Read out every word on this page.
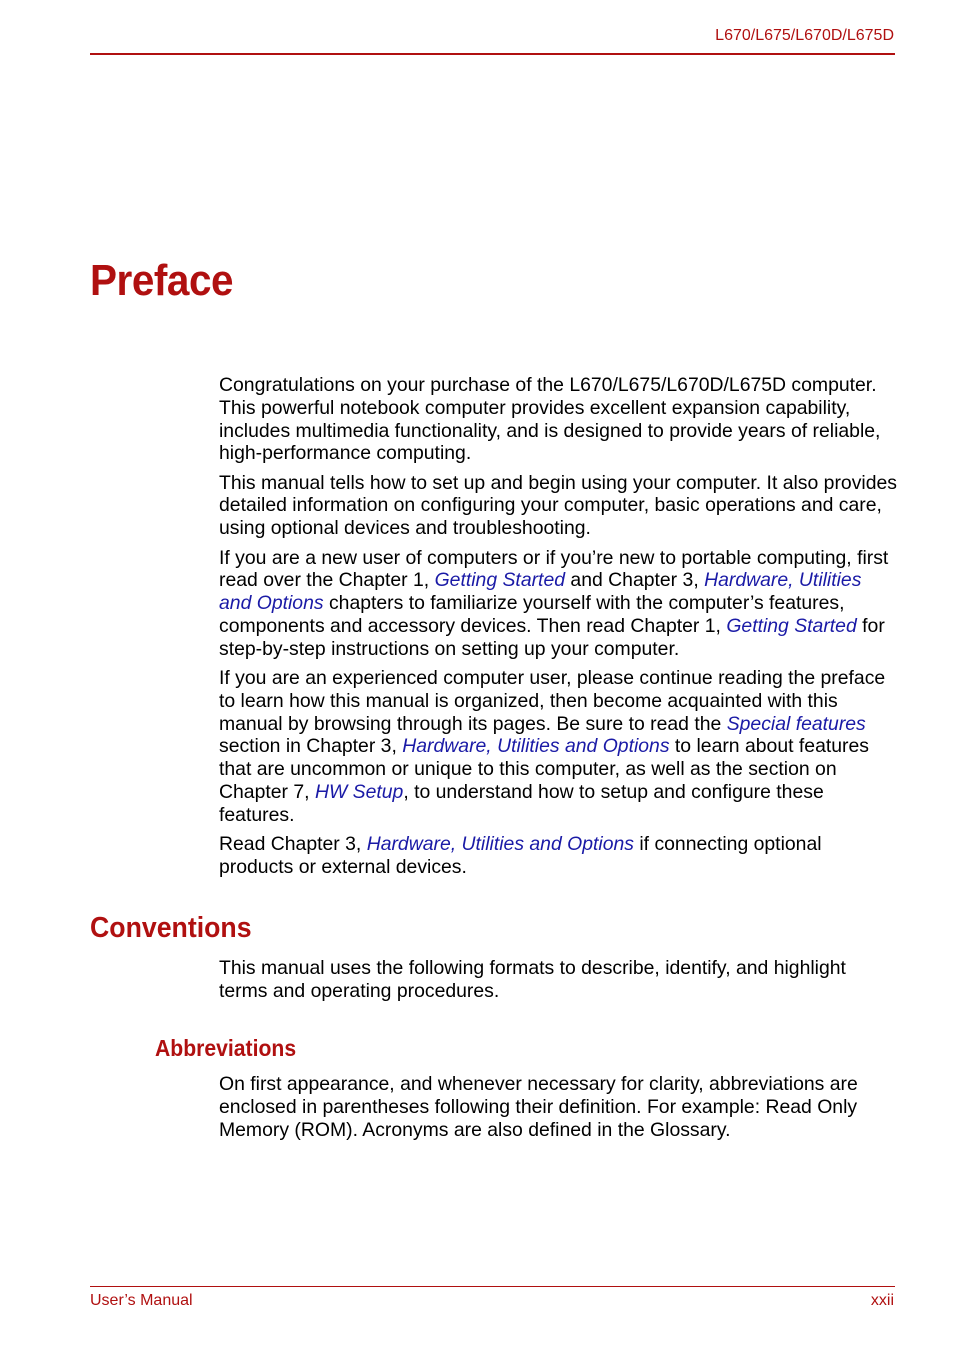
L670/L675/L670D/L675D
Preface

Congratulations on your purchase of the L670/L675/L670D/L675D computer. This powerful notebook computer provides excellent expansion capability, includes multimedia functionality, and is designed to provide years of reliable, high-performance computing.

This manual tells how to set up and begin using your computer. It also provides detailed information on configuring your computer, basic operations and care, using optional devices and troubleshooting.

If you are a new user of computers or if you’re new to portable computing, first read over the Chapter 1, Getting Started and Chapter 3, Hardware, Utilities and Options chapters to familiarize yourself with the computer’s features, components and accessory devices. Then read Chapter 1, Getting Started for step-by-step instructions on setting up your computer.

If you are an experienced computer user, please continue reading the preface to learn how this manual is organized, then become acquainted with this manual by browsing through its pages. Be sure to read the Special features section in Chapter 3, Hardware, Utilities and Options to learn about features that are uncommon or unique to this computer, as well as the section on Chapter 7, HW Setup, to understand how to setup and configure these features.

Read Chapter 3, Hardware, Utilities and Options if connecting optional products or external devices.

Conventions

This manual uses the following formats to describe, identify, and highlight terms and operating procedures.

Abbreviations

On first appearance, and whenever necessary for clarity, abbreviations are enclosed in parentheses following their definition. For example: Read Only Memory (ROM). Acronyms are also defined in the Glossary.

User’s Manual	xxii
